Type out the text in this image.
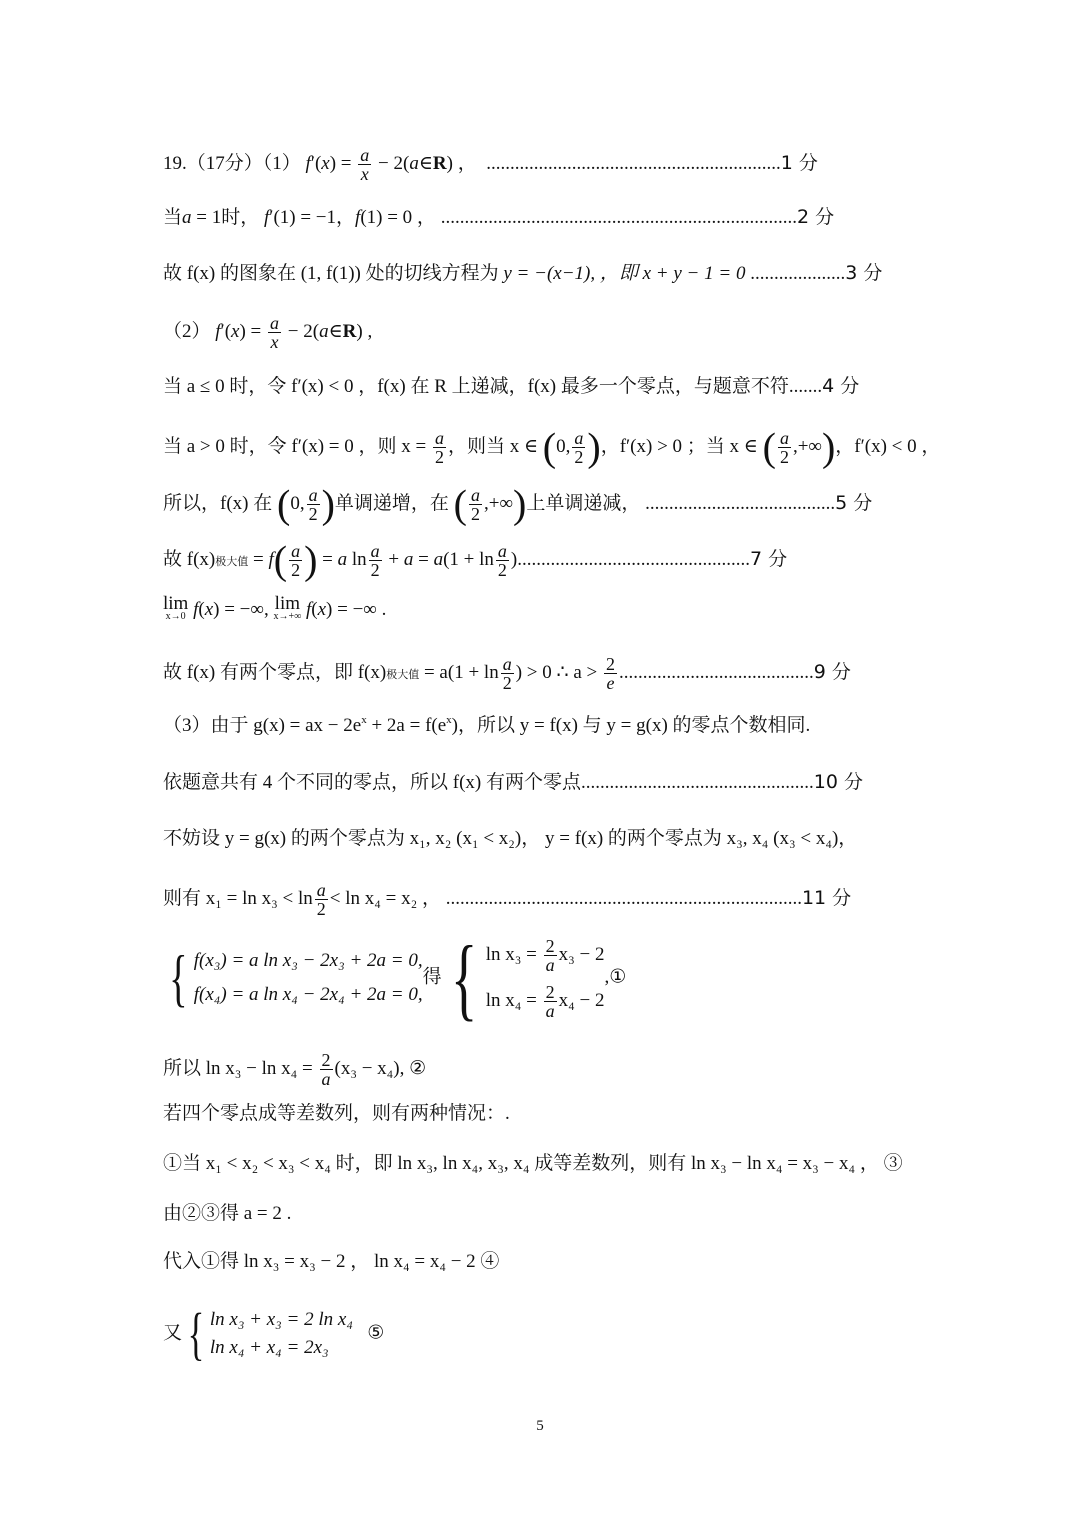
19.（17分）（1） $f'(x) = \frac{a}{x}$ − 2(a∈R) ，  ..............................................................1 分
当a = 1时， f′(1) = −1，f(1) = 0 ， ...........................................................................2 分
故 f(x) 的图象在 (1, f(1)) 处的切线方程为 y = −(x−1), ，即 x + y − 1 = 0 ....................3 分
（2） $f'(x) = \frac{a}{x}$ − 2(a∈R) ,
当 a ≤ 0 时，令 f′(x) < 0 ，f(x) 在 R 上递减，f(x) 最多一个零点，与题意不符.......4 分
当 a > 0 时，令 f′(x) = 0 ，则 $x = \frac{a}{2}$ ，则当 x ∈ (0, $\frac{a}{2}$ )，f′(x) > 0 ；当 x ∈ ( $\frac{a}{2}$ ,+∞)，f′(x) < 0 ，
所以，f(x) 在 (0, $\frac{a}{2}$ )单调递增，在 ( $\frac{a}{2}$ ,+∞)上单调递减， ........................................5 分
故 f(x)极大值 = $f( \frac{a}{2}$ ) = a $\ln \frac{a}{2} + a = a(1 + \ln \frac{a}{2} ).................................................7$ 分
lim
x→0 f(x) = −∞, lim
x→+∞ f(x) = −∞ .
故 f(x) 有两个零点，即 f(x)极大值 = $a(1 + \ln \frac{a}{2}$ ) > 0 ∴ $a > \frac{2}{e} .........................................9$ 分
（3）由于 g(x) = ax − $2e^x + 2a = f(e^x)$，所以 y = f(x) 与 y = g(x) 的零点个数相同.
依题意共有 4 个不同的零点，所以 f(x) 有两个零点.................................................10 分
不妨设 y = g(x) 的两个零点为 x₁, x₂ (x₁ < x₂)， y = f(x) 的两个零点为 x₃, x₄ (x₃ < x₄)，
则有 $x_1 = \ln x_3 < \ln \frac{a}{2} < \ln x_4 = x_2$ ， ...........................................................................11 分
{ f(x₃) = a ln x₃ − 2x₃ + 2a = 0,
f(x₄) = a ln x₄ − 2x₄ + 2a = 0,
得{ $\ln x_3 = \frac{2}{a} x_3 - 2$
$\ln x_4 = \frac{2}{a} x_4 - 2$
,①
所以 $\ln x_3 - \ln x_4 = \frac{2}{a} (x_3 - x_4)$, ②
若四个零点成等差数列，则有两种情况：.
①当 x₁ < x₂ < x₃ < x₄ 时，即 ln x₃, ln x₄, x₃, x₄ 成等差数列，则有 ln x₃ − ln x₄ = x₃ − x₄ ， ③
由②③得 a = 2 .
代入①得 ln x₃ = x₃ − 2 ， ln x₄ = x₄ − 2 ④
又{ ln x₃ + x₃ = 2 ln x₄
ln x₄ + x₄ = 2x₃
⑤
5
